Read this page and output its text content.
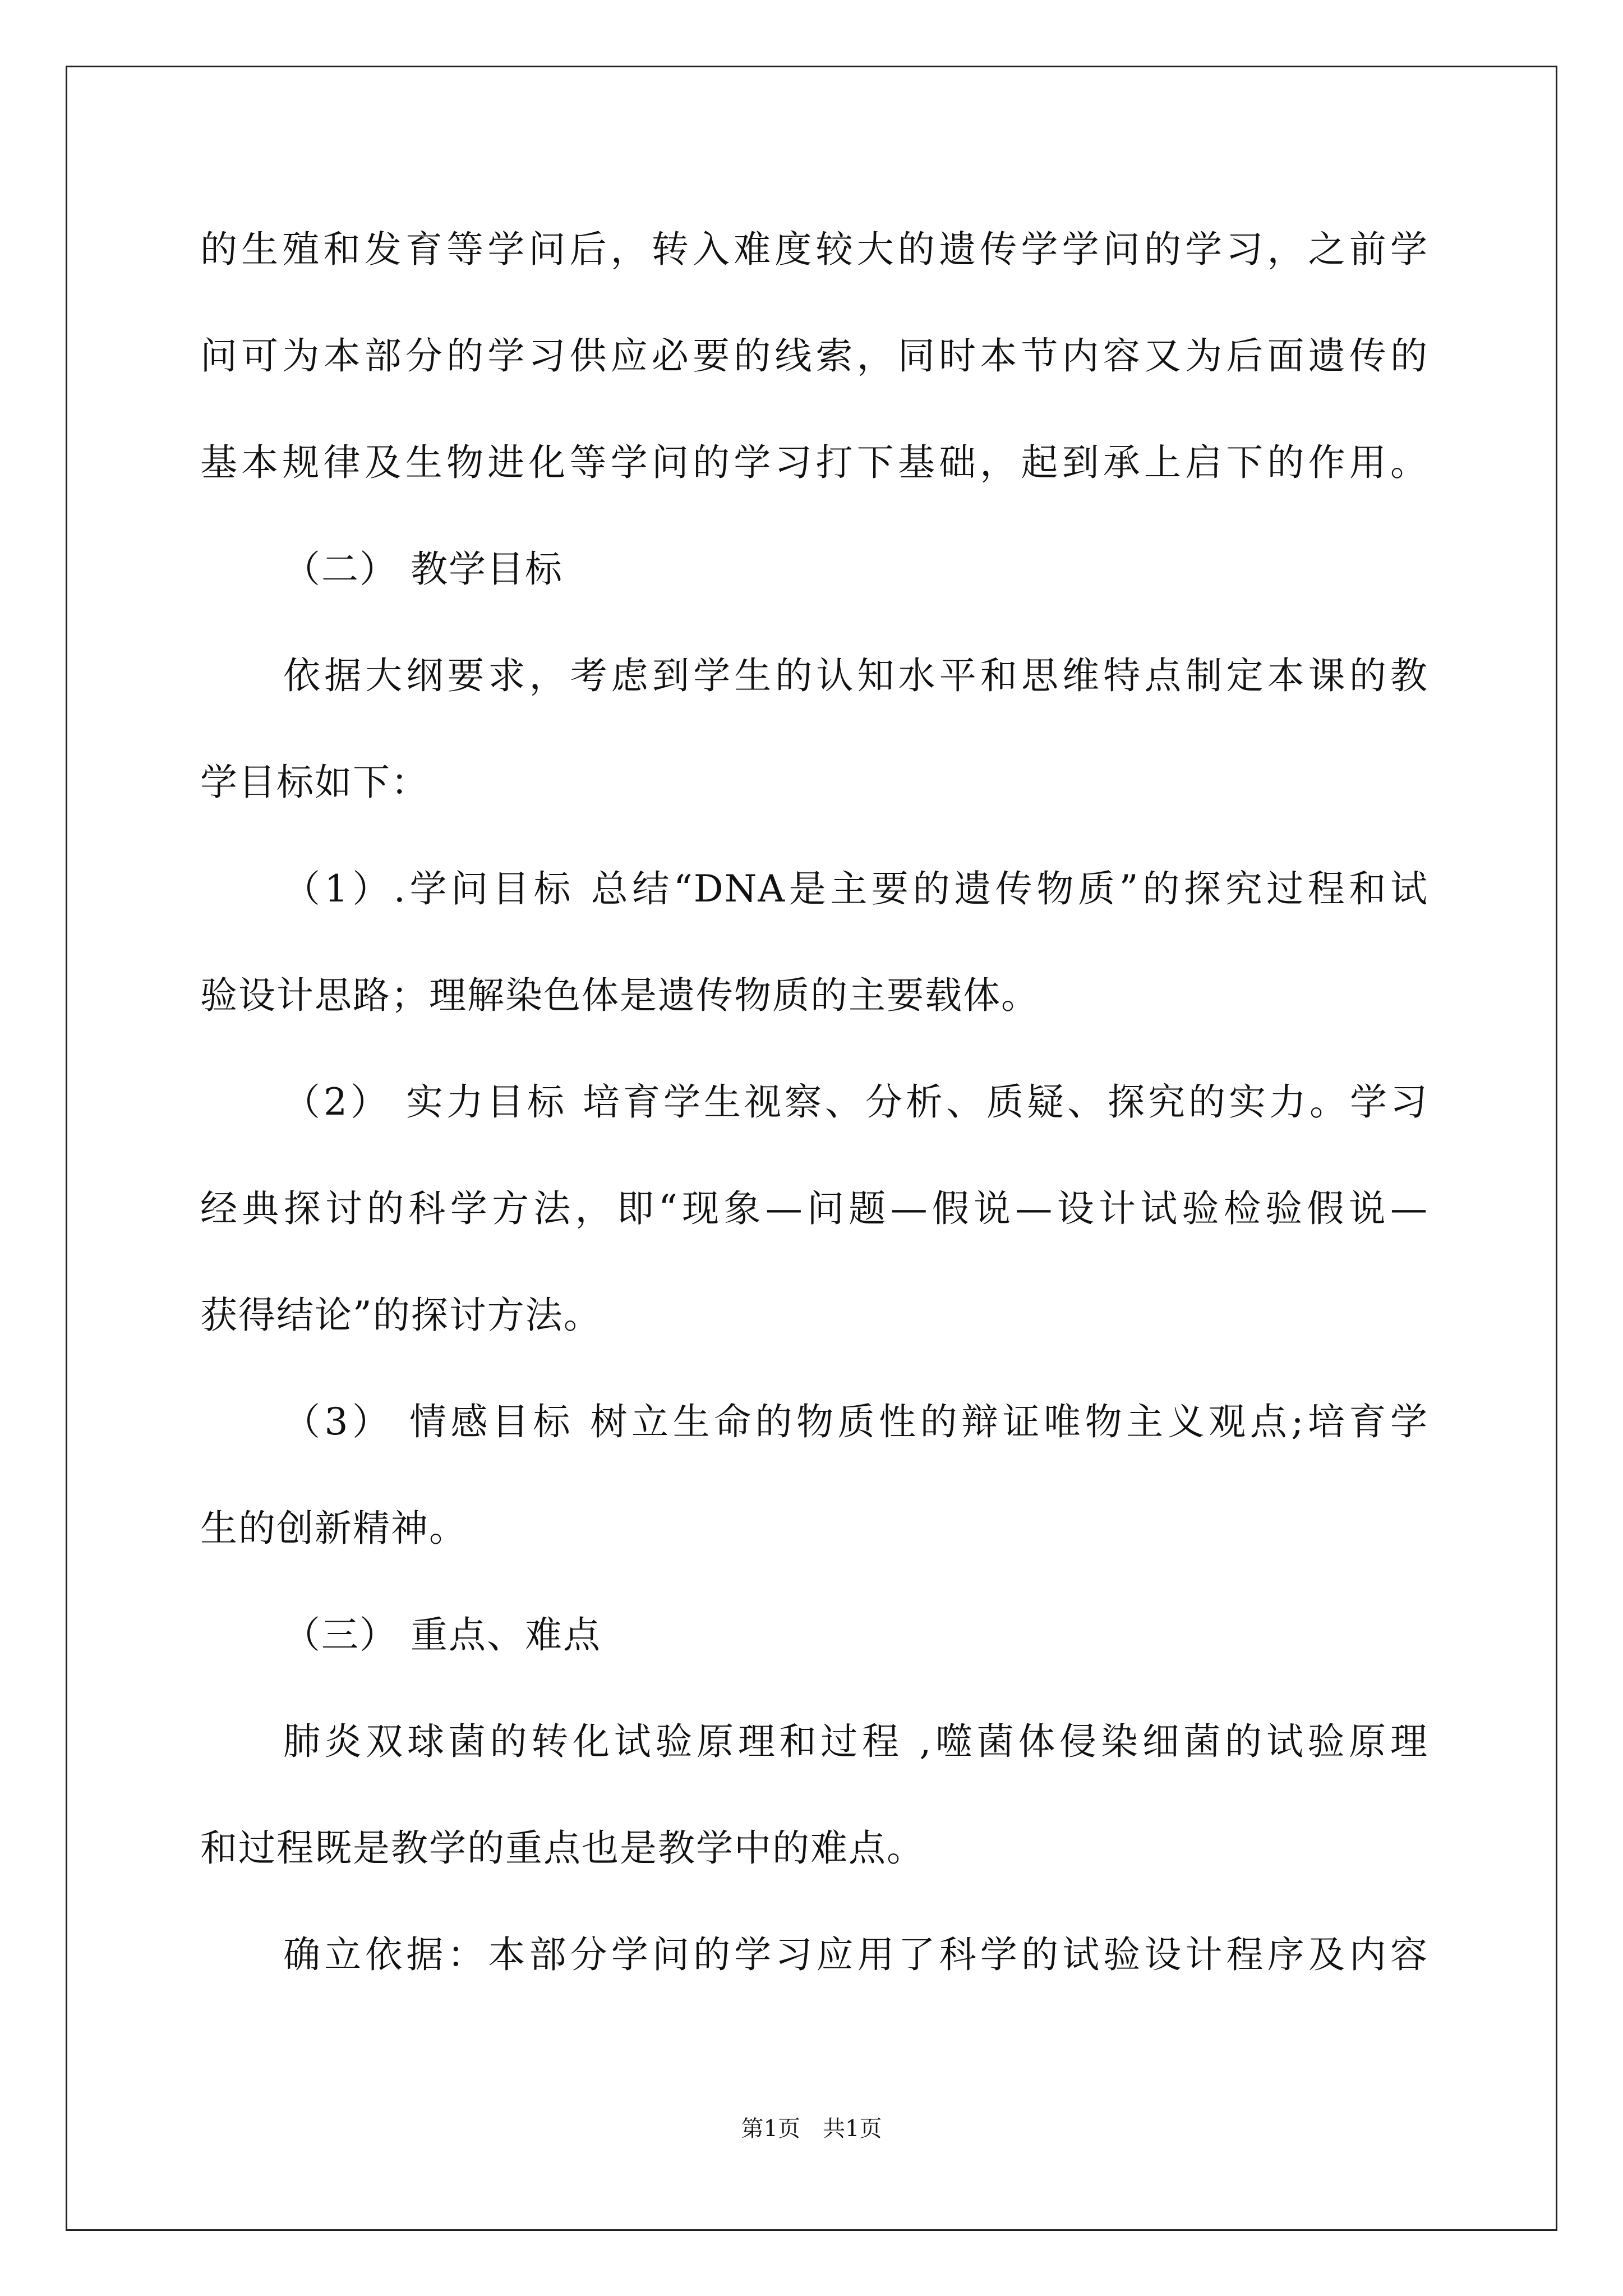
的生殖和发育等学问后，转入难度较大的遗传学学问的学习，之前学
问可为本部分的学习供应必要的线索，同时本节内容又为后面遗传的
基本规律及生物进化等学问的学习打下基础，起到承上启下的作用。
（二） 教学目标
依据大纲要求，考虑到学生的认知水平和思维特点制定本课的教
学目标如下：
（1）.学问目标 总结“DNA是主要的遗传物质”的探究过程和试
验设计思路；理解染色体是遗传物质的主要载体。
（2） 实力目标 培育学生视察、分析、质疑、探究的实力。学习
经典探讨的科学方法，即“现象—问题—假说—设计试验检验假说—
获得结论”的探讨方法。
（3） 情感目标 树立生命的物质性的辩证唯物主义观点;培育学
生的创新精神。
（三） 重点、难点
肺炎双球菌的转化试验原理和过程 ,噬菌体侵染细菌的试验原理
和过程既是教学的重点也是教学中的难点。
确立依据：本部分学问的学习应用了科学的试验设计程序及内容
第1页　共1页
